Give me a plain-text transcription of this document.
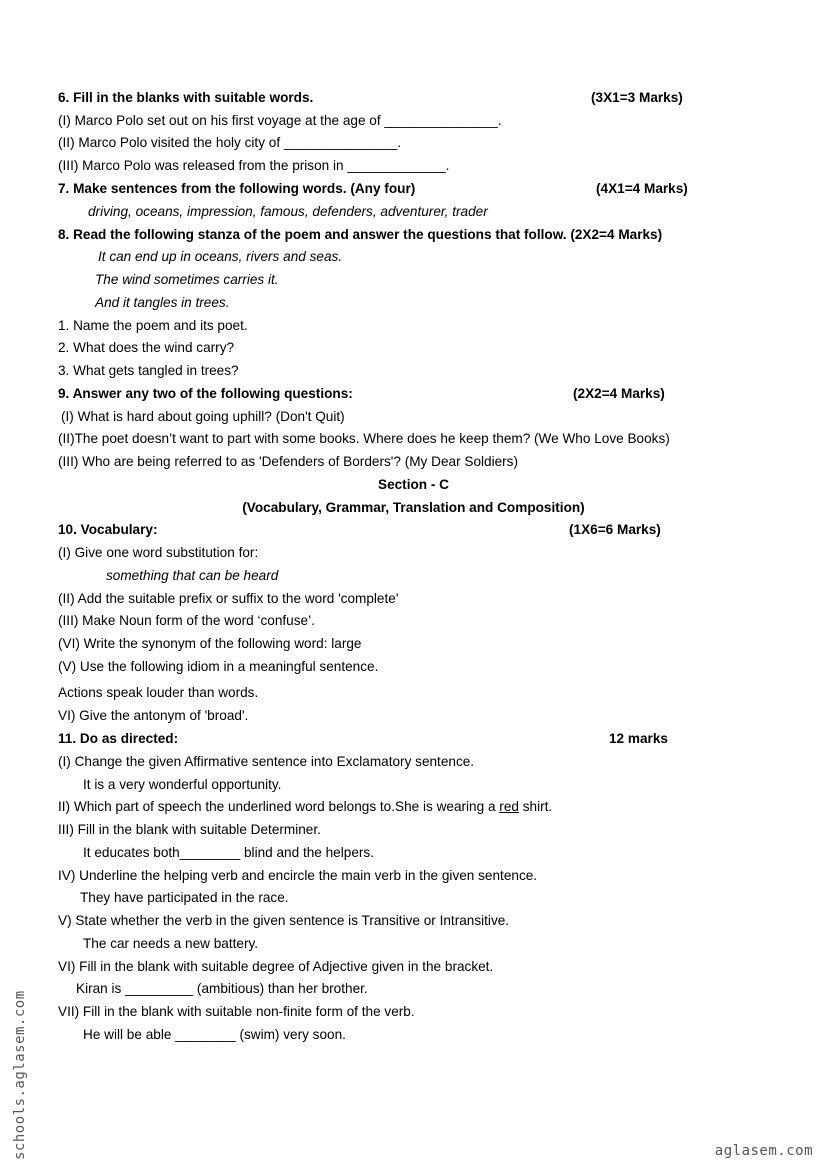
6. Fill in the blanks with suitable words.	(3X1=3 Marks)
(I) Marco Polo set out on his first voyage at the age of _______________.
(II) Marco Polo visited the holy city of _______________.
(III) Marco Polo was released from the prison in _____________.
7. Make sentences from the following words. (Any four)	(4X1=4 Marks)
driving, oceans, impression, famous, defenders, adventurer, trader
8. Read the following stanza of the poem and answer the questions that follow. (2X2=4 Marks)
It can end up in oceans, rivers and seas.
The wind sometimes carries it.
And it tangles in trees.
1. Name the poem and its poet.
2. What does the wind carry?
3. What gets tangled in trees?
9. Answer any two of the following questions:	(2X2=4 Marks)
(I) What is hard about going uphill? (Don't Quit)
(II)The poet doesn’t want to part with some books. Where does he keep them? (We Who Love Books)
(III) Who are being referred to as 'Defenders of Borders'? (My Dear Soldiers)
Section - C
(Vocabulary, Grammar, Translation and Composition)
10. Vocabulary:	(1X6=6 Marks)
(I) Give one word substitution for:
something that can be heard
(II) Add the suitable prefix or suffix to the word 'complete'
(III) Make Noun form of the word ‘confuse’.
(VI) Write the synonym of the following word: large
(V) Use the following idiom in a meaningful sentence.
Actions speak louder than words.
VI) Give the antonym of 'broad'.
11. Do as directed:	12 marks
(I) Change the given Affirmative sentence into Exclamatory sentence.
It is a very wonderful opportunity.
II) Which part of speech the underlined word belongs to.She is wearing a red shirt.
III) Fill in the blank with suitable Determiner.
It educates both________ blind and the helpers.
IV) Underline the helping verb and encircle the main verb in the given sentence.
They have participated in the race.
V) State whether the verb in the given sentence is Transitive or Intransitive.
The car needs a new battery.
VI) Fill in the blank with suitable degree of Adjective given in the bracket.
Kiran is _________ (ambitious) than her brother.
VII) Fill in the blank with suitable non-finite form of the verb.
He will be able ________ (swim) very soon.
schools.aglasem.com	aglasem.com
